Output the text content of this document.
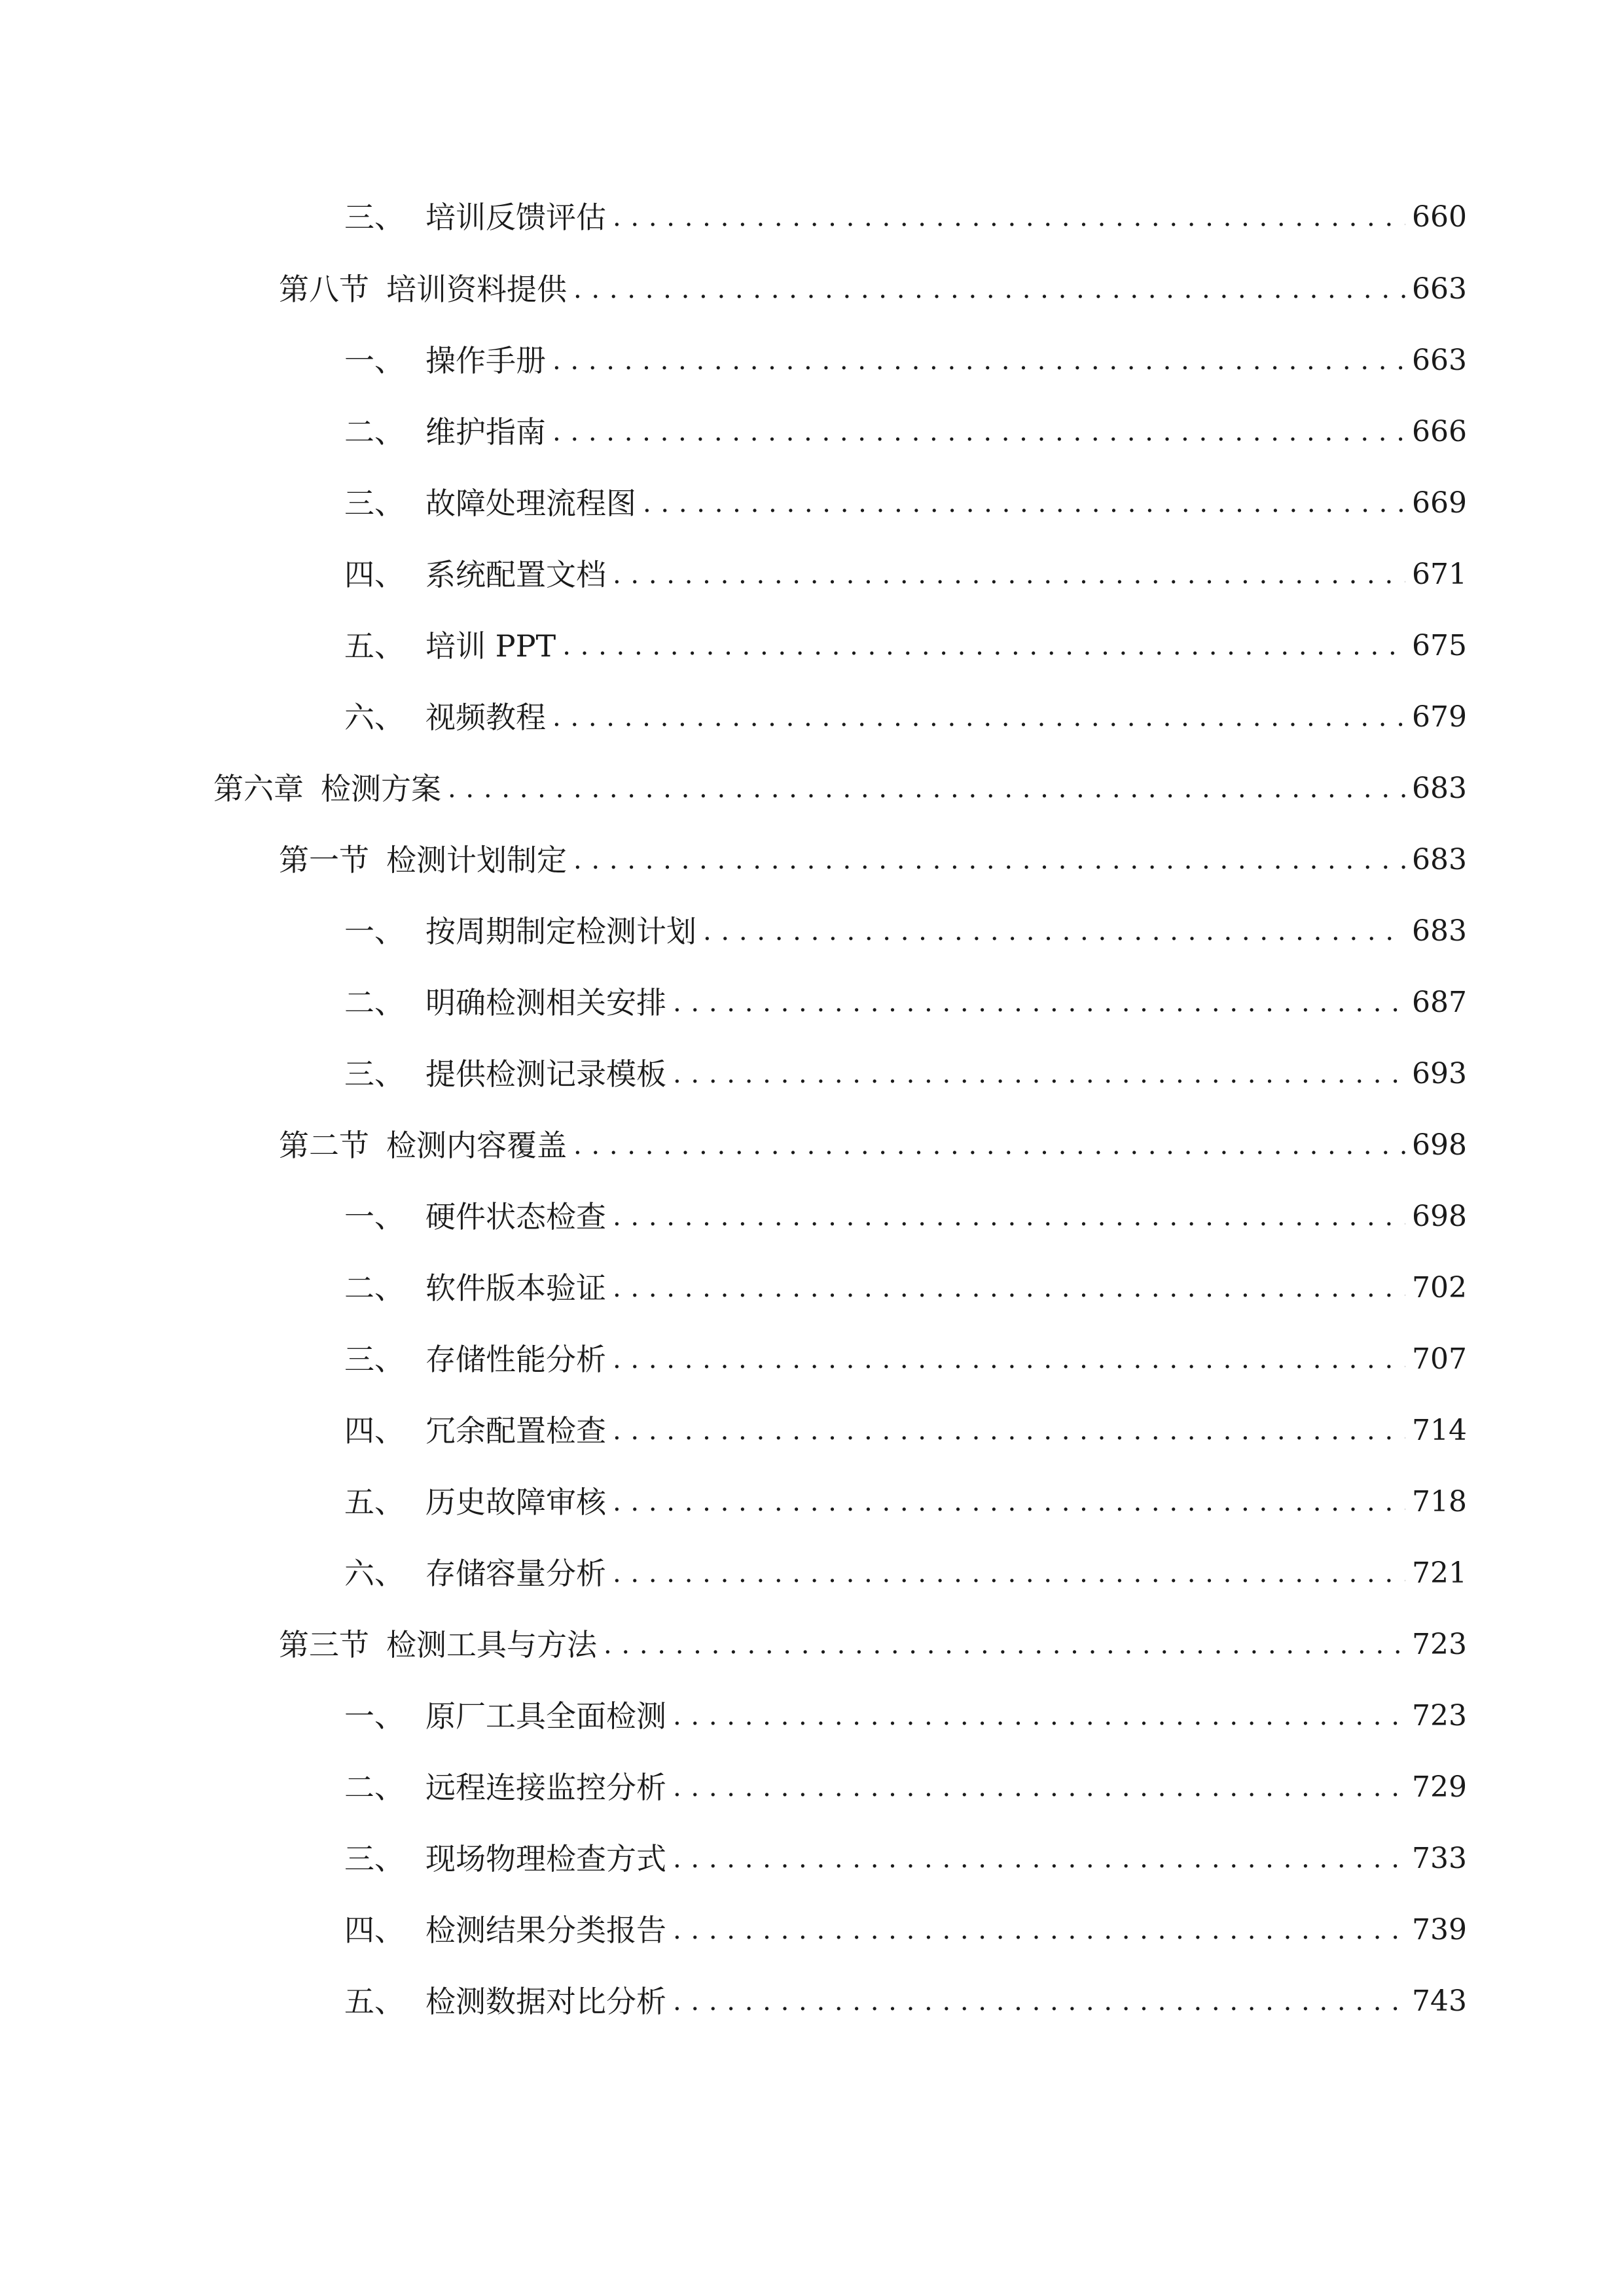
三、 培训反馈评估 . . .	660
第八节 培训资料提供 . . .	663
一、 操作手册 . . .	663
二、 维护指南 . . .	666
三、 故障处理流程图 . . .	669
四、 系统配置文档 . . .	671
五、 培训 PPT . . .	675
六、 视频教程 . . .	679
第六章 检测方案 . . .	683
第一节 检测计划制定 . . .	683
一、 按周期制定检测计划 . . .	683
二、 明确检测相关安排 . . .	687
三、 提供检测记录模板 . . .	693
第二节 检测内容覆盖 . . .	698
一、 硬件状态检查 . . .	698
二、 软件版本验证 . . .	702
三、 存储性能分析 . . .	707
四、 冗余配置检查 . . .	714
五、 历史故障审核 . . .	718
六、 存储容量分析 . . .	721
第三节 检测工具与方法 . . .	723
一、 原厂工具全面检测 . . .	723
二、 远程连接监控分析 . . .	729
三、 现场物理检查方式 . . .	733
四、 检测结果分类报告 . . .	739
五、 检测数据对比分析 . . .	743
